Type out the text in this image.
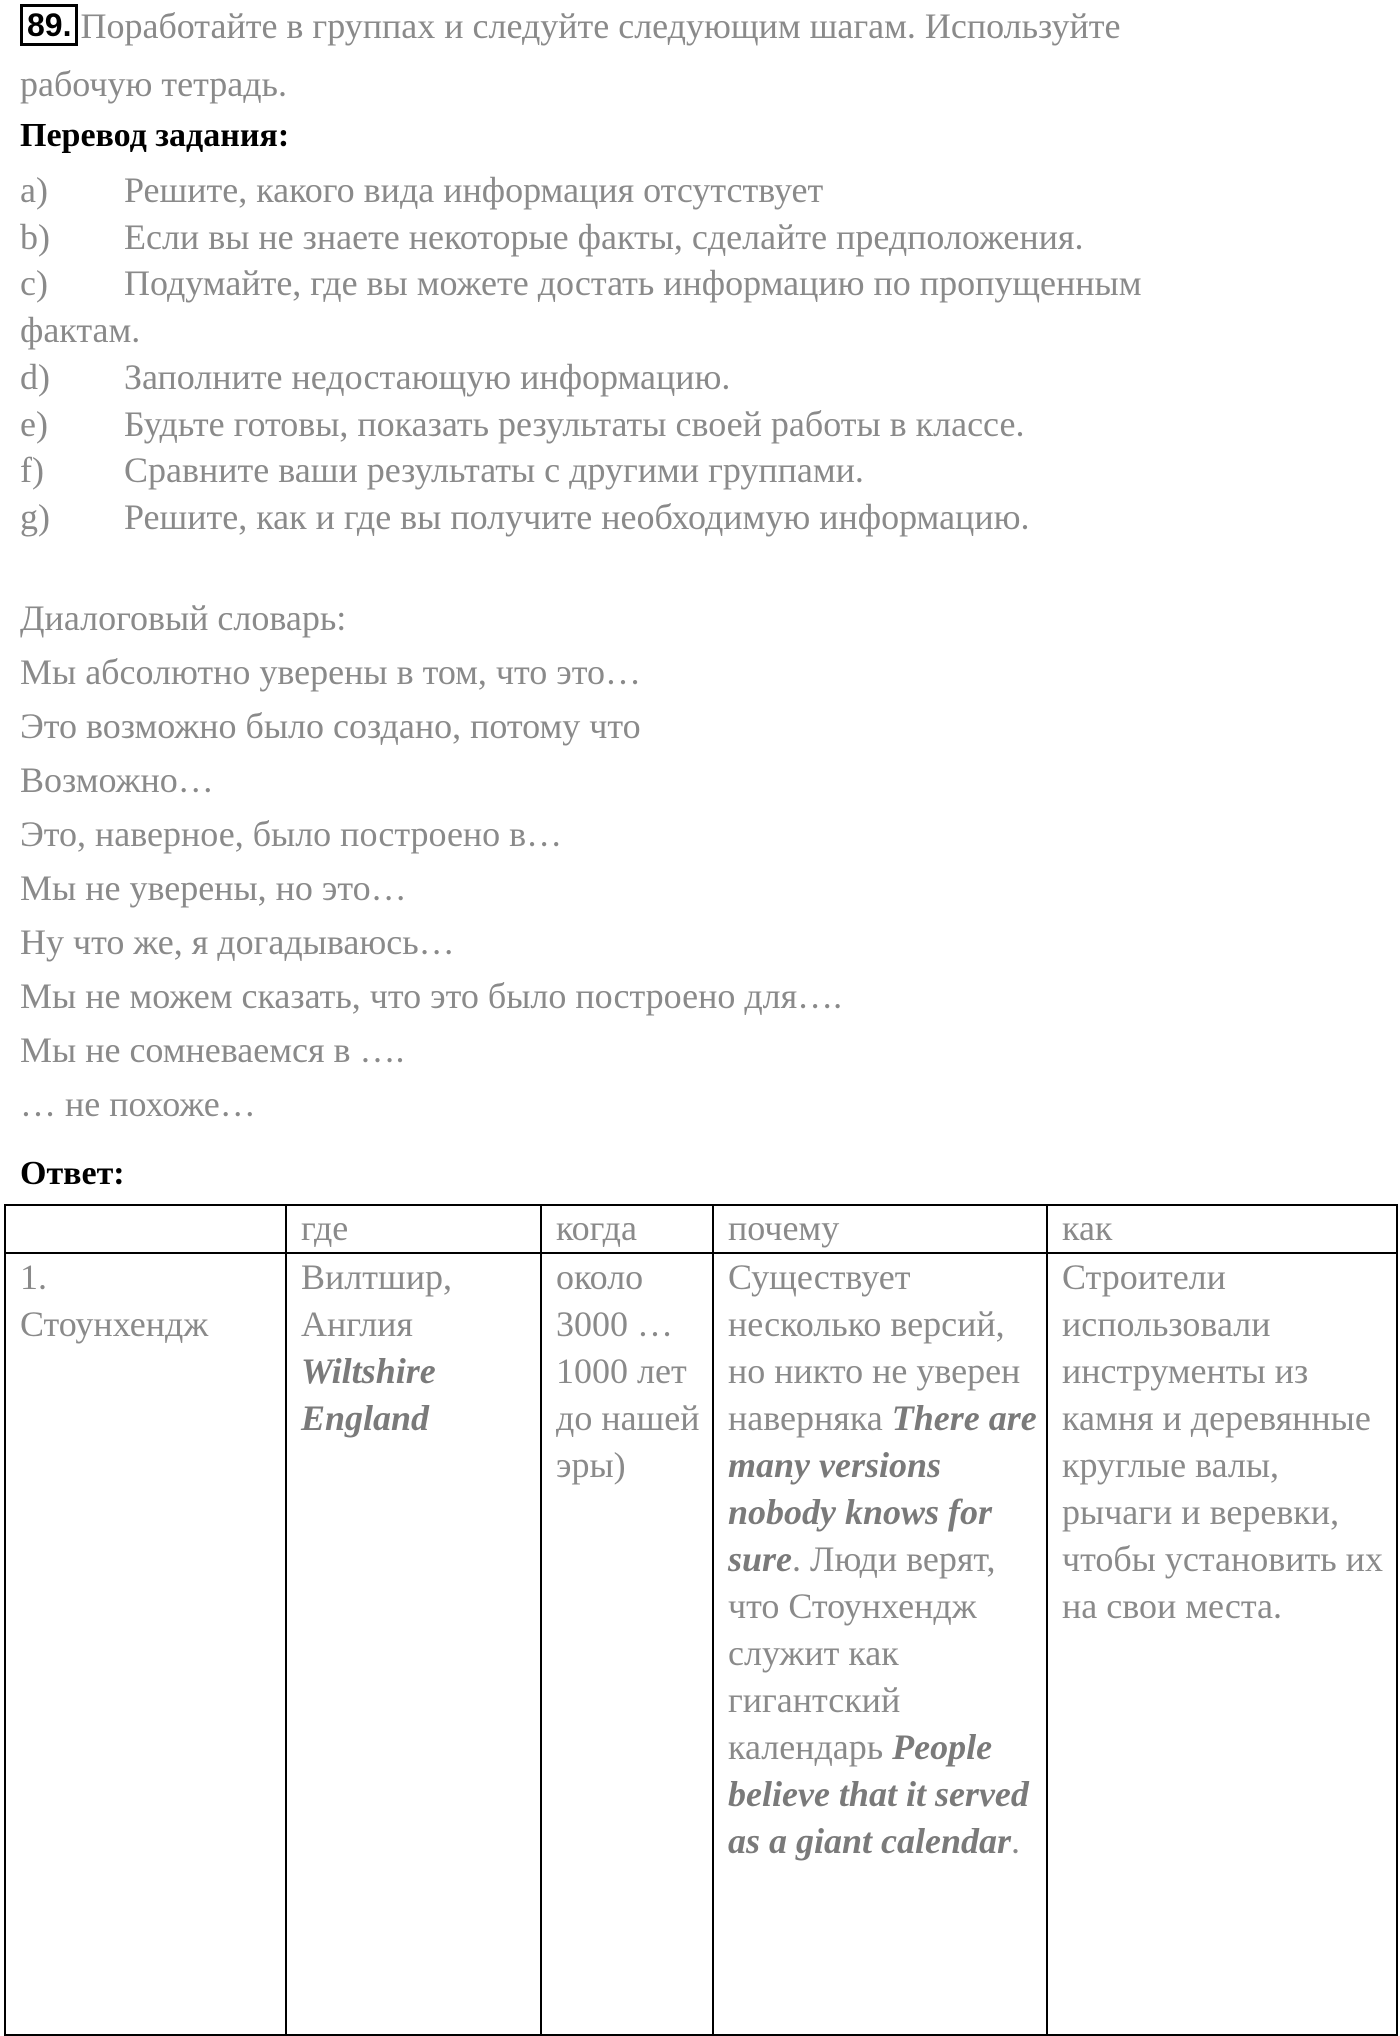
89. Поработайте в группах и следуйте следующим шагам. Используйте
рабочую тетрадь.
Перевод задания:
a) Решите, какого вида информация отсутствует
b) Если вы не знаете некоторые факты, сделайте предположения.
c) Подумайте, где вы можете достать информацию по пропущенным
фактам.
d) Заполните недостающую информацию.
e) Будьте готовы, показать результаты своей работы в классе.
f) Сравните ваши результаты с другими группами.
g) Решите, как и где вы получите необходимую информацию.
Диалоговый словарь:
Мы абсолютно уверены в том, что это…
Это возможно было создано, потому что
Возможно…
Это, наверное, было построено в…
Мы не уверены, но это…
Ну что же, я догадываюсь…
Мы не можем сказать, что это было построено для….
Мы не сомневаемся в ….
… не похоже…
Ответ:
	где	когда	почему	как

1.
Стоунхендж	Вилтшир, Англия Wiltshire England	около 3000 …1000 лет до нашей эры)	Существует несколько версий, но никто не уверен наверняка There are many versions nobody knows for sure. Люди верят, что Стоунхендж служит как гигантский календарь People believe that it served as a giant calendar.	Строители использовали инструменты из камня и деревянные круглые валы, рычаги и веревки, чтобы установить их на свои места.
